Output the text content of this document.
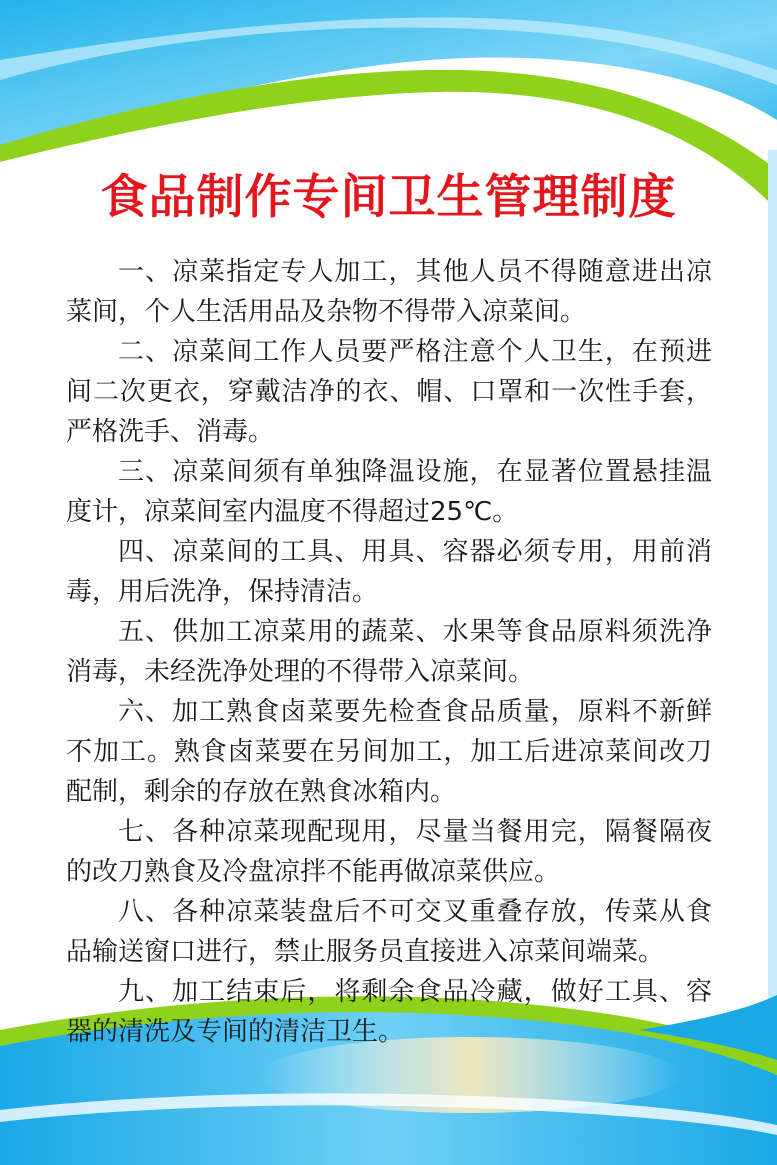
食品制作专间卫生管理制度

一、凉菜指定专人加工，其他人员不得随意进出凉菜间，个人生活用品及杂物不得带入凉菜间。

二、凉菜间工作人员要严格注意个人卫生，在预进间二次更衣，穿戴洁净的衣、帽、口罩和一次性手套，严格洗手、消毒。

三、凉菜间须有单独降温设施，在显著位置悬挂温度计，凉菜间室内温度不得超过25℃。

四、凉菜间的工具、用具、容器必须专用，用前消毒，用后洗净，保持清洁。

五、供加工凉菜用的蔬菜、水果等食品原料须洗净消毒，未经洗净处理的不得带入凉菜间。

六、加工熟食卤菜要先检查食品质量，原料不新鲜不加工。熟食卤菜要在另间加工，加工后进凉菜间改刀配制，剩余的存放在熟食冰箱内。

七、各种凉菜现配现用，尽量当餐用完，隔餐隔夜的改刀熟食及冷盘凉拌不能再做凉菜供应。

八、各种凉菜装盘后不可交叉重叠存放，传菜从食品输送窗口进行，禁止服务员直接进入凉菜间端菜。

九、加工结束后，将剩余食品冷藏，做好工具、容器的清洗及专间的清洁卫生。
